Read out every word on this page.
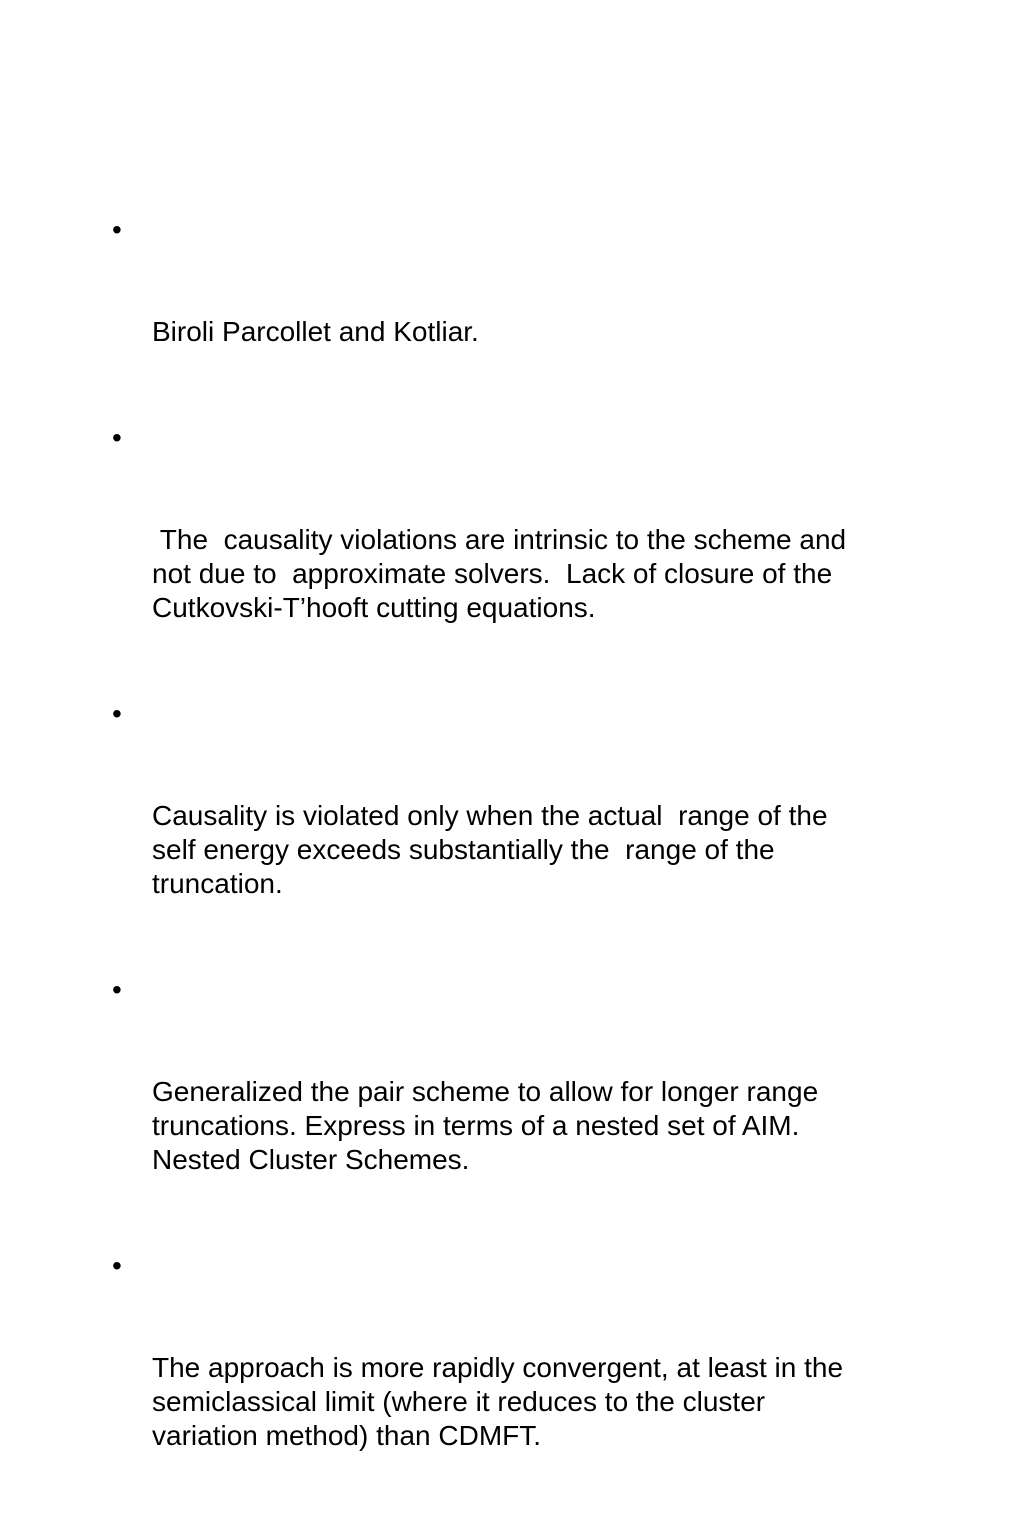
•

Biroli Parcollet and Kotliar.

•

The  causality violations are intrinsic to the scheme and
not due to  approximate solvers.  Lack of closure of the
Cutkovski-T’hooft cutting equations.

•

Causality is violated only when the actual  range of the
self energy exceeds substantially the  range of the
truncation.

•

Generalized the pair scheme to allow for longer range
truncations. Express in terms of a nested set of AIM.
Nested Cluster Schemes.

•

The approach is more rapidly convergent, at least in the
semiclassical limit (where it reduces to the cluster
variation method) than CDMFT.
